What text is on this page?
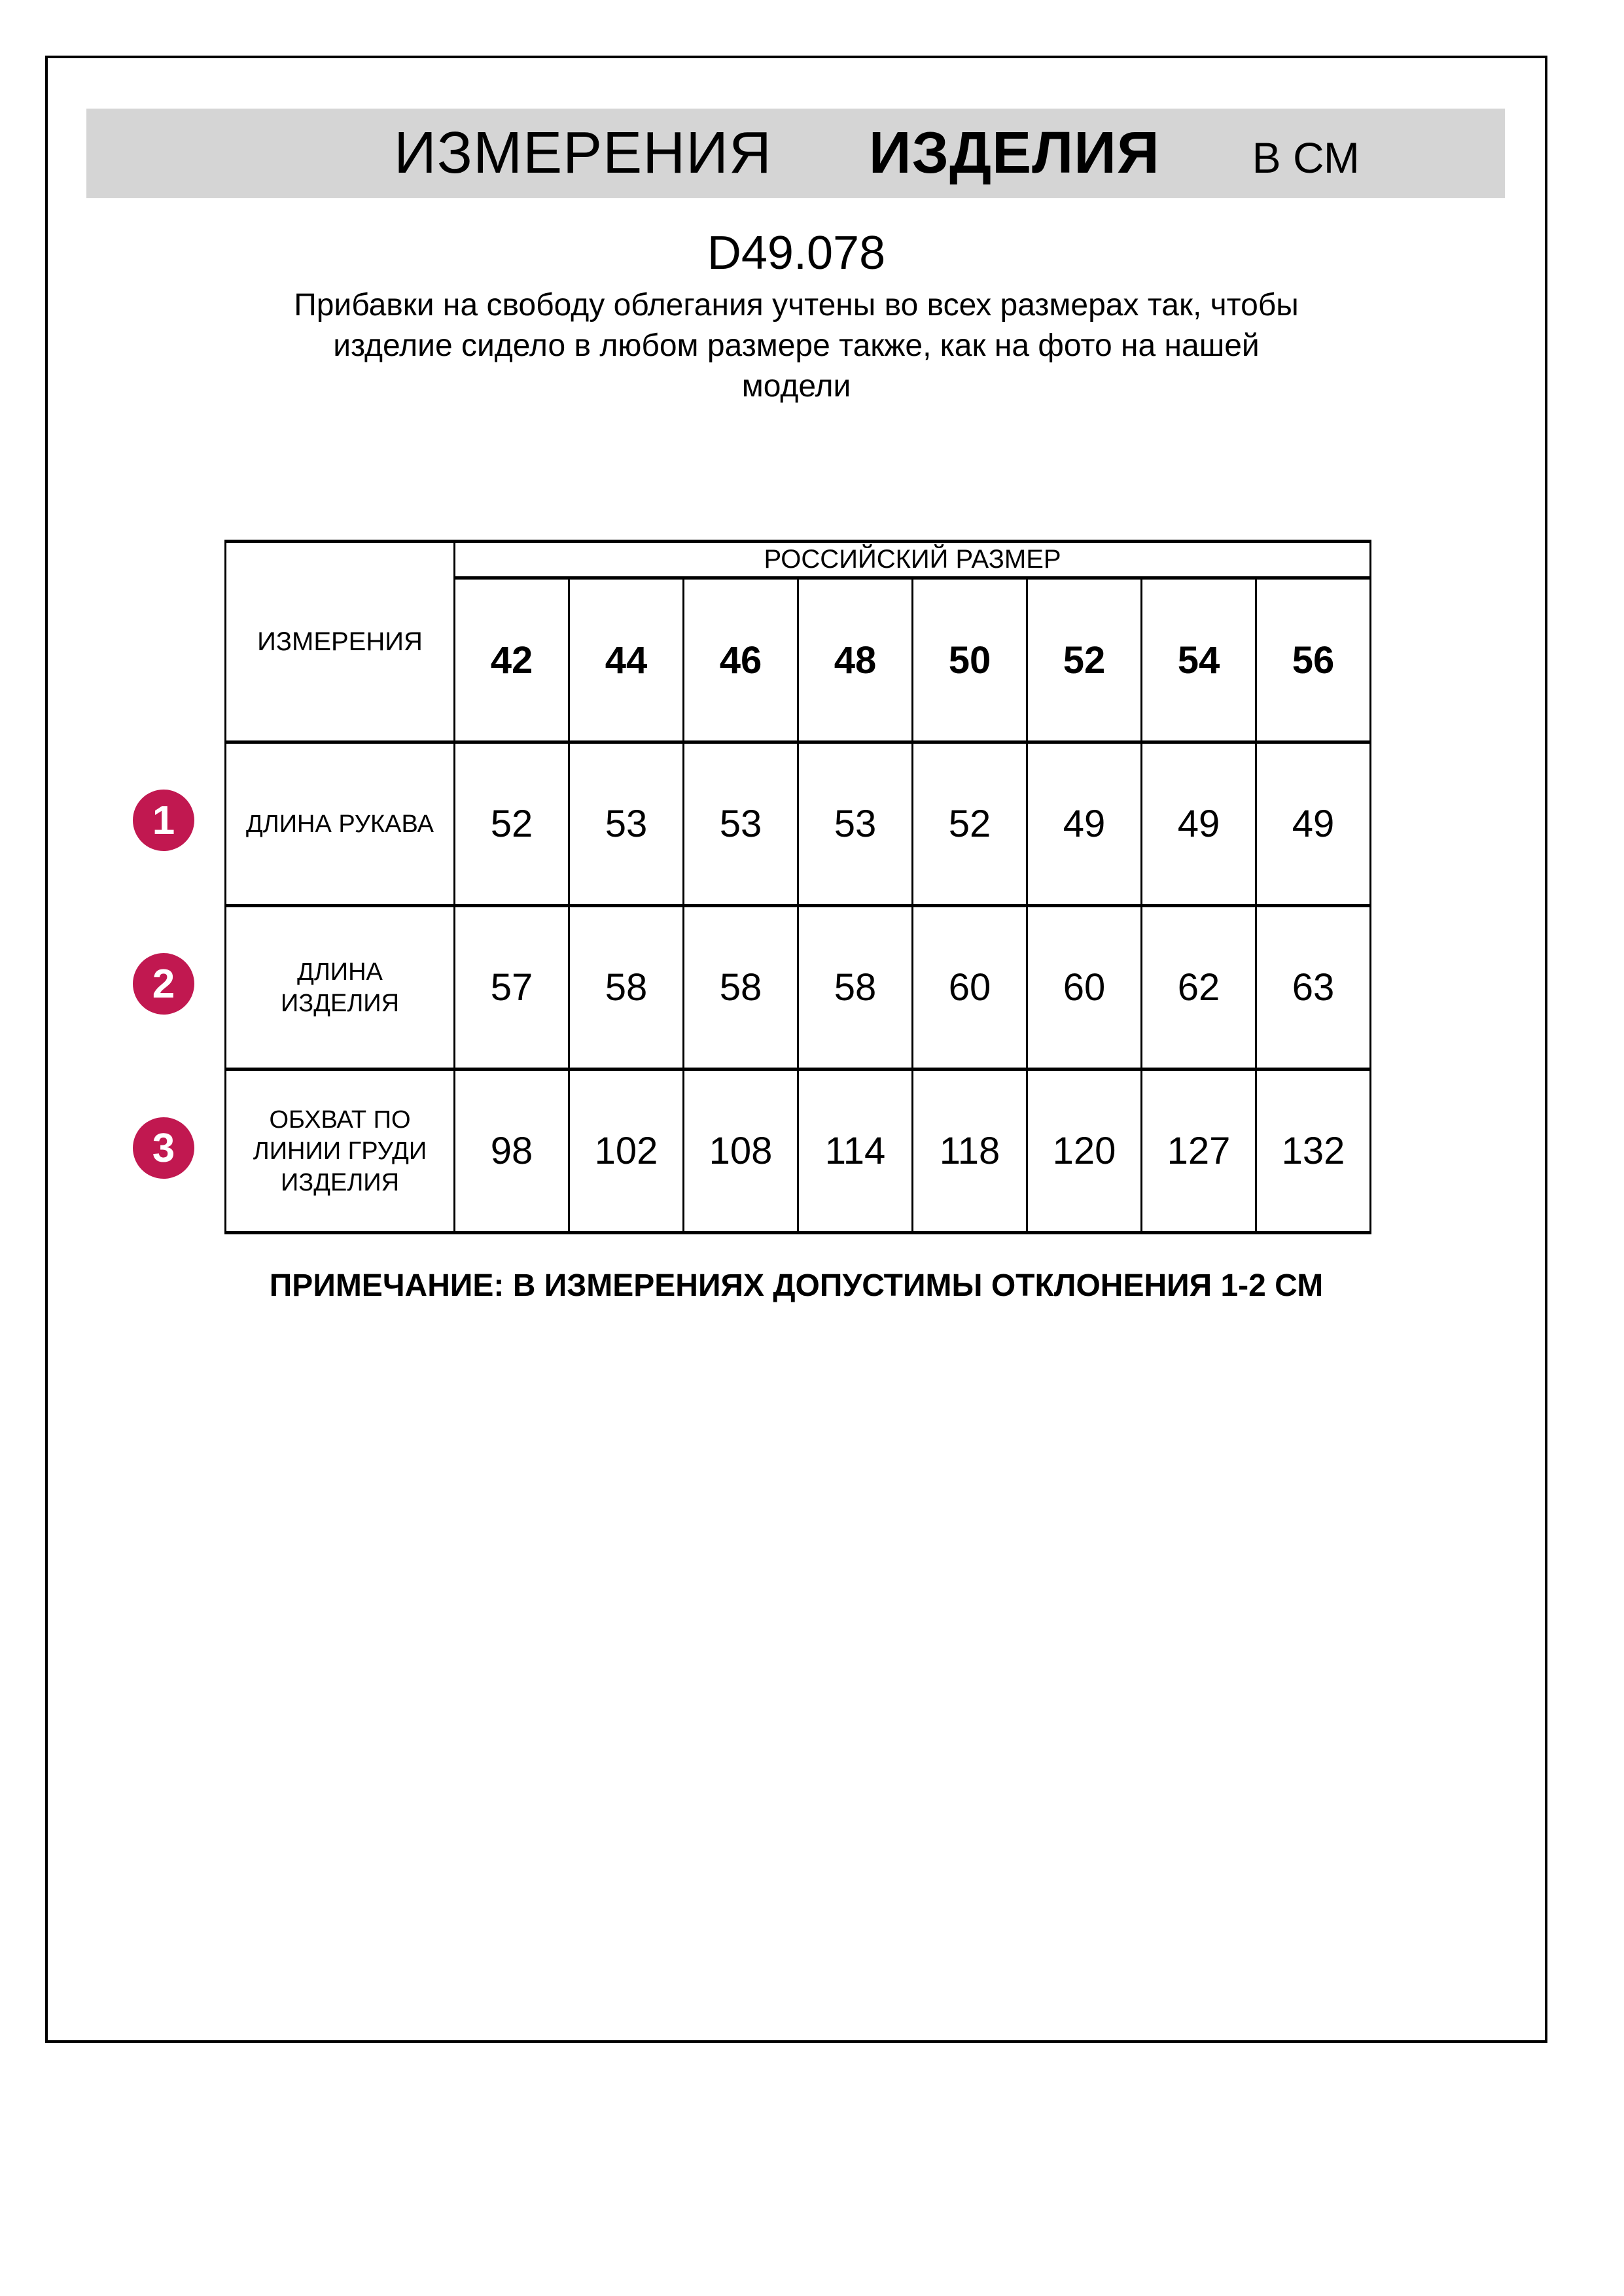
ИЗМЕРЕНИЯ ИЗДЕЛИЯ В СМ
D49.078
Прибавки на свободу облегания учтены во всех размерах так, чтобы
изделие сидело в любом размере также, как на фото на нашей
модели
ИЗМЕРЕНИЯ	РОССИЙСКИЙ РАЗМЕР							
	42	44	46	48	50	52	54	56

ДЛИНА РУКАВА	52	53	53	53	52	49	49	49

ДЛИНА
ИЗДЕЛИЯ	57	58	58	58	60	60	62	63

ОБХВАТ ПО
ЛИНИИ ГРУДИ
ИЗДЕЛИЯ	98	102	108	114	118	120	127	132
1
2
3
ПРИМЕЧАНИЕ: В ИЗМЕРЕНИЯХ ДОПУСТИМЫ ОТКЛОНЕНИЯ 1-2 СМ
